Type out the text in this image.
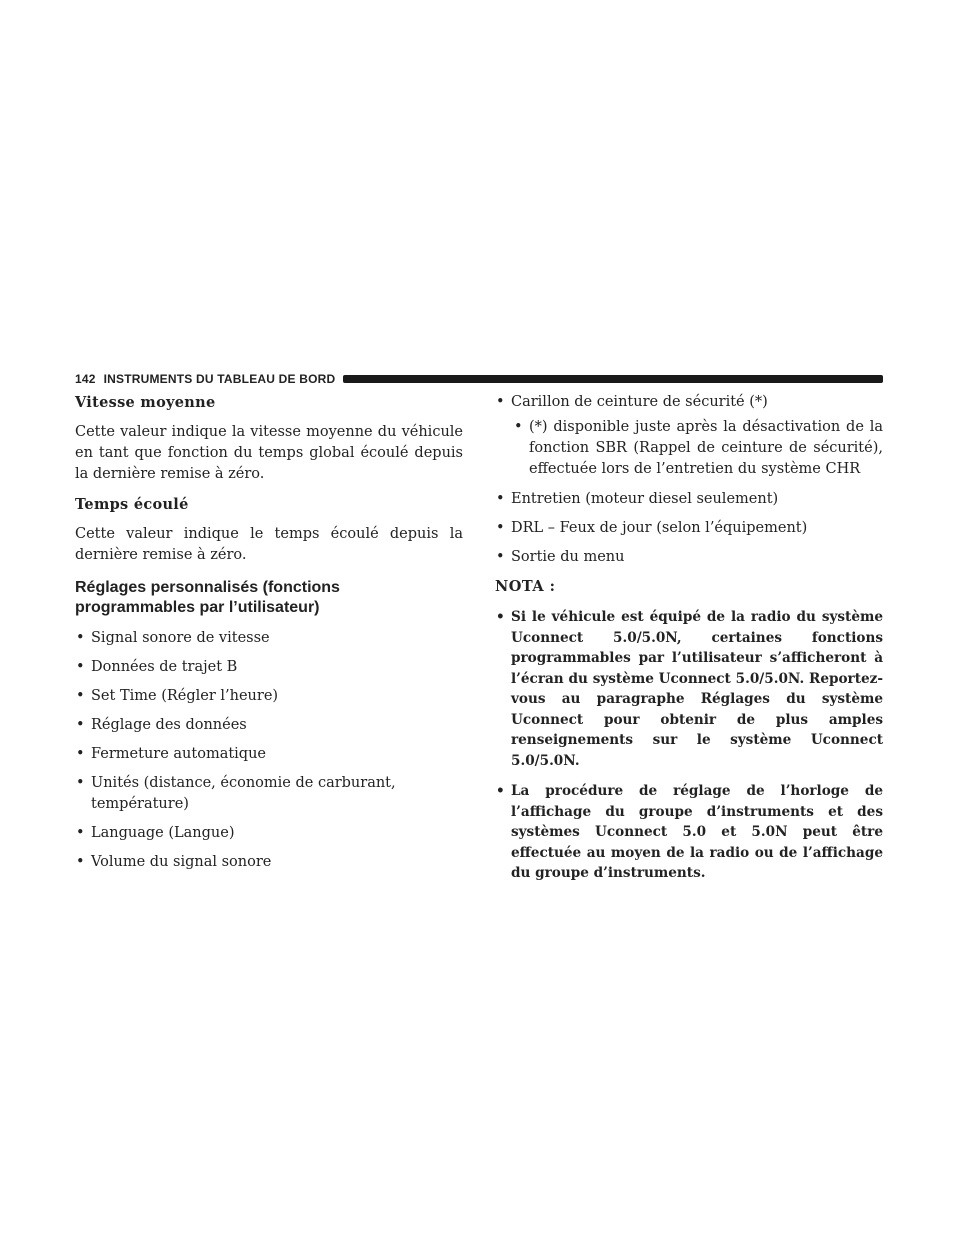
142 INSTRUMENTS DU TABLEAU DE BORD
Vitesse moyenne

Cette valeur indique la vitesse moyenne du véhicule en tant que fonction du temps global écoulé depuis la dernière remise à zéro.

Temps écoulé

Cette valeur indique le temps écoulé depuis la dernière remise à zéro.

Réglages personnalisés (fonctions programmables par l’utilisateur)
• Signal sonore de vitesse
• Données de trajet B
• Set Time (Régler l’heure)
• Réglage des données
• Fermeture automatique
• Unités (distance, économie de carburant, température)
• Language (Langue)
• Volume du signal sonore
• Carillon de ceinture de sécurité (*)
• (*) disponible juste après la désactivation de la fonction SBR (Rappel de ceinture de sécurité), effectuée lors de l’entretien du système CHR
• Entretien (moteur diesel seulement)
• DRL – Feux de jour (selon l’équipement)
• Sortie du menu
NOTA :
• Si le véhicule est équipé de la radio du système Uconnect 5.0/5.0N, certaines fonctions programmables par l’utilisateur s’afficheront à l’écran du système Uconnect 5.0/5.0N. Reportez-vous au paragraphe Réglages du système Uconnect pour obtenir de plus amples renseignements sur le système Uconnect 5.0/5.0N.
• La procédure de réglage de l’horloge de l’affichage du groupe d’instruments et des systèmes Uconnect 5.0 et 5.0N peut être effectuée au moyen de la radio ou de l’affichage du groupe d’instruments.
